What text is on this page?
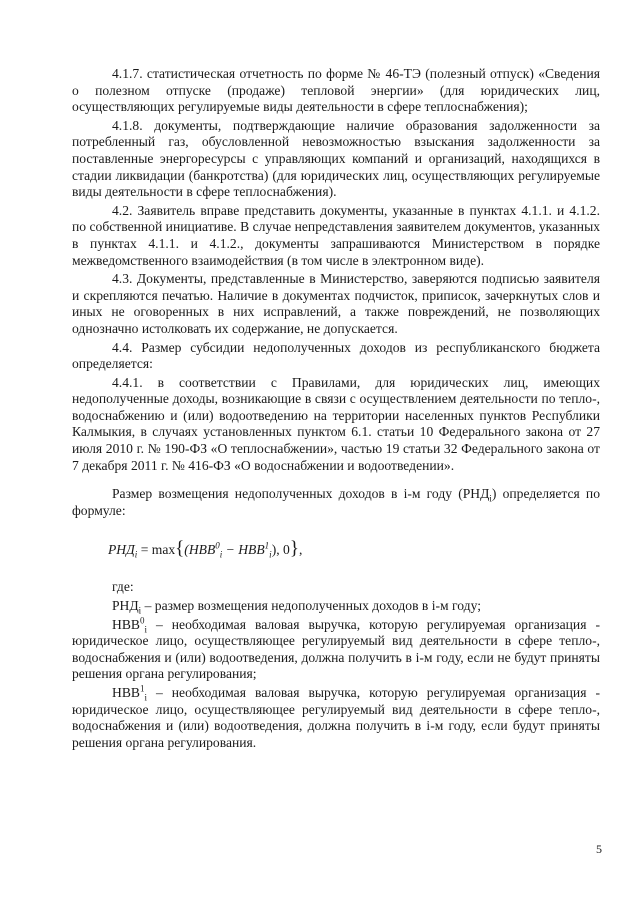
4.1.7. статистическая отчетность по форме № 46-ТЭ (полезный отпуск) «Сведения о полезном отпуске (продаже) тепловой энергии» (для юридических лиц, осуществляющих регулируемые виды деятельности в сфере теплоснабжения);

4.1.8. документы, подтверждающие наличие образования задолженности за потребленный газ, обусловленной невозможностью взыскания задолженности за поставленные энергоресурсы с управляющих компаний и организаций, находящихся в стадии ликвидации (банкротства) (для юридических лиц, осуществляющих регулируемые виды деятельности в сфере теплоснабжения).

4.2. Заявитель вправе представить документы, указанные в пунктах 4.1.1. и 4.1.2. по собственной инициативе. В случае непредставления заявителем документов, указанных в пунктах 4.1.1. и 4.1.2., документы запрашиваются Министерством в порядке межведомственного взаимодействия (в том числе в электронном виде).

4.3. Документы, представленные в Министерство, заверяются подписью заявителя и скрепляются печатью. Наличие в документах подчисток, приписок, зачеркнутых слов и иных не оговоренных в них исправлений, а также повреждений, не позволяющих однозначно истолковать их содержание, не допускается.

4.4. Размер субсидии недополученных доходов из республиканского бюджета определяется:

4.4.1. в соответствии с Правилами, для юридических лиц, имеющих недополученные доходы, возникающие в связи с осуществлением деятельности по тепло-, водоснабжению и (или) водоотведению на территории населенных пунктов Республики Калмыкия, в случаях установленных пунктом 6.1. статьи 10 Федерального закона от 27 июля 2010 г. № 190-ФЗ «О теплоснабжении», частью 19 статьи 32 Федерального закона от 7 декабря 2011 г. № 416-ФЗ «О водоснабжении и водоотведении».

Размер возмещения недополученных доходов в i-м году $(РНД_i)$ определяется по формуле:

$РНД_i = \max\{(НВВ^0_i - НВВ^1_i)$, 0},

где:

$РНД_i$ – размер возмещения недополученных доходов в i-м году;

$НВВ^0_i$ – необходимая валовая выручка, которую регулируемая организация - юридическое лицо, осуществляющее регулируемый вид деятельности в сфере тепло-, водоснабжения и (или) водоотведения, должна получить в i-м году, если не будут приняты решения органа регулирования;

$НВВ^1_i$ – необходимая валовая выручка, которую регулируемая организация - юридическое лицо, осуществляющее регулируемый вид деятельности в сфере тепло-, водоснабжения и (или) водоотведения, должна получить в i-м году, если будут приняты решения органа регулирования.

5
